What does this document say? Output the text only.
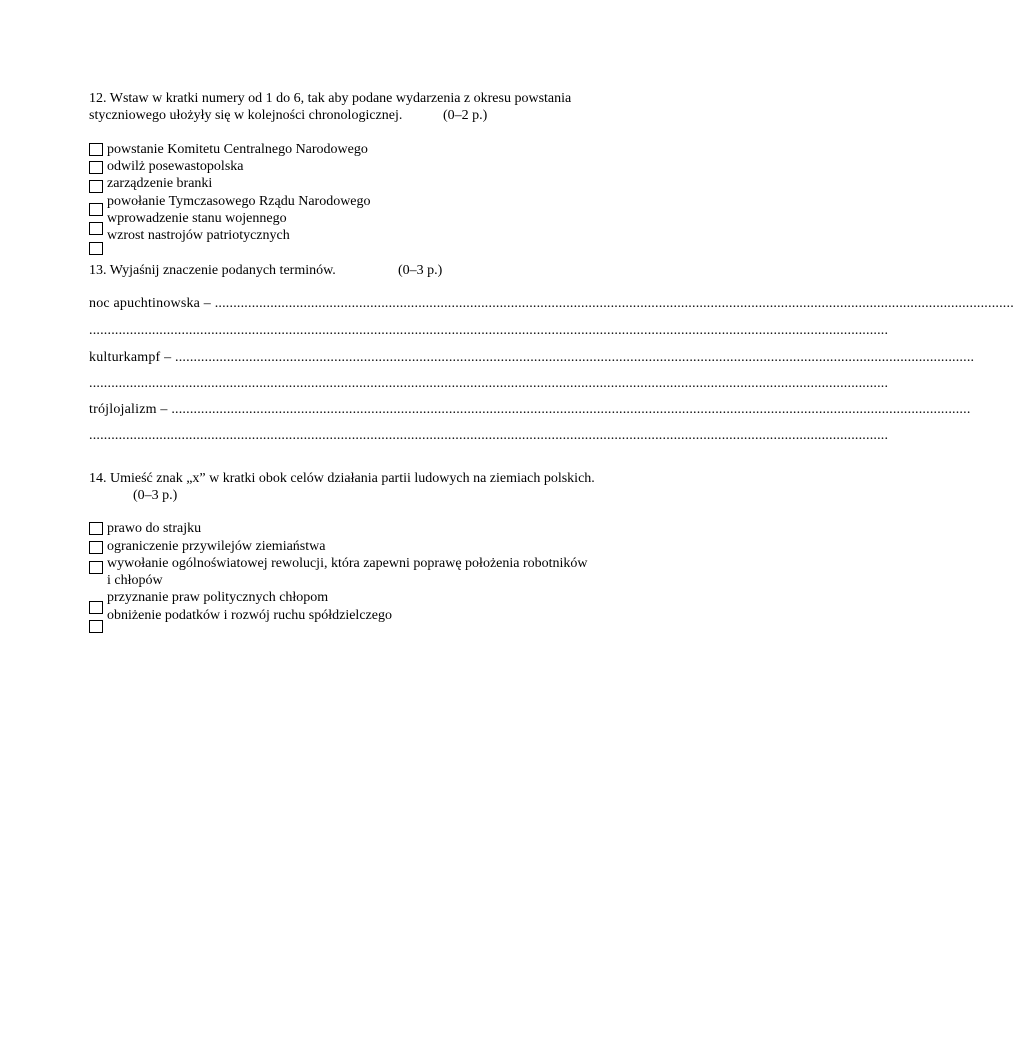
12. Wstaw w kratki numery od 1 do 6, tak aby podane wydarzenia z okresu powstania
styczniowego ułożyły się w kolejności chronologicznej.	(0–2 p.)
powstanie Komitetu Centralnego Narodowego
odwilż posewastopolska
zarządzenie branki
powołanie Tymczasowego Rządu Narodowego
wprowadzenie stanu wojennego
wzrost nastrojów patriotycznych
13. Wyjaśnij znaczenie podanych terminów.	(0–3 p.)
noc apuchtinowska – ........................................................................................................................................................................................................................
........................................................................................................................................................................................................................
kulturkampf – ........................................................................................................................................................................................................................
........................................................................................................................................................................................................................
trójlojalizm – ........................................................................................................................................................................................................................
........................................................................................................................................................................................................................
14. Umieść znak „x” w kratki obok celów działania partii ludowych na ziemiach polskich.
(0–3 p.)
prawo do strajku
ograniczenie przywilejów ziemiaństwa
wywołanie ogólnoświatowej rewolucji, która zapewni poprawę położenia robotników
i chłopów
przyznanie praw politycznych chłopom
obniżenie podatków i rozwój ruchu spółdzielczego
